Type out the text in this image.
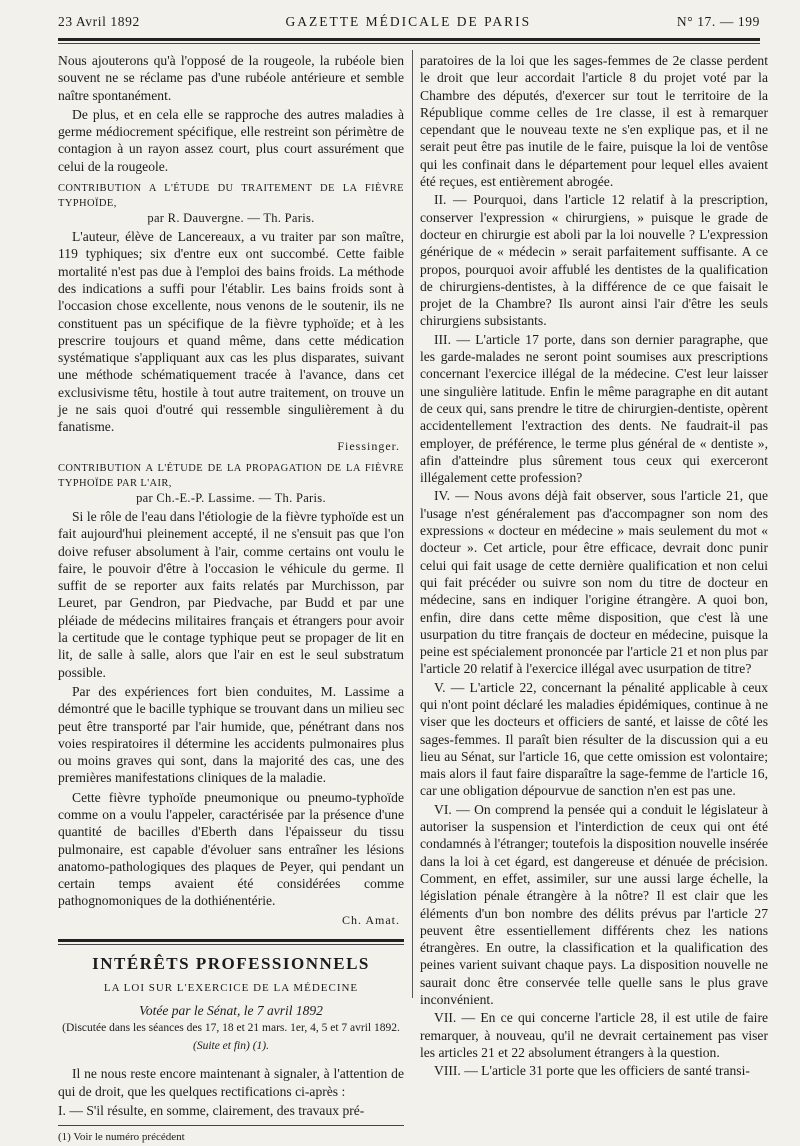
23 Avril 1892	GAZETTE MÉDICALE DE PARIS	N° 17. — 199

Nous ajouterons qu'à l'opposé de la rougeole, la rubéole bien souvent ne se réclame pas d'une rubéole antérieure et semble naître spontanément.

De plus, et en cela elle se rapproche des autres maladies à germe médiocrement spécifique, elle restreint son périmètre de contagion à un rayon assez court, plus court assurément que celui de la rougeole.

CONTRIBUTION A L'ÉTUDE DU TRAITEMENT DE LA FIÈVRE TYPHOÏDE,
par R. Dauvergne. — Th. Paris.

L'auteur, élève de Lancereaux, a vu traiter par son maître, 119 typhiques; six d'entre eux ont succombé. Cette faible mortalité n'est pas due à l'emploi des bains froids. La méthode des indications a suffi pour l'établir. Les bains froids sont à l'occasion chose excellente, nous venons de le soutenir, ils ne constituent pas un spécifique de la fièvre typhoïde; et à les prescrire toujours et quand même, dans cette médication systématique s'appliquant aux cas les plus disparates, suivant une méthode schématiquement tracée à l'avance, dans cet exclusivisme têtu, hostile à tout autre traitement, on trouve un je ne sais quoi d'outré qui ressemble singulièrement à du fanatisme.

Fiessinger.

CONTRIBUTION A L'ÉTUDE DE LA PROPAGATION DE LA FIÈVRE TYPHOÏDE PAR L'AIR,
par Ch.-E.-P. Lassime. — Th. Paris.

Si le rôle de l'eau dans l'étiologie de la fièvre typhoïde est un fait aujourd'hui pleinement accepté, il ne s'ensuit pas que l'on doive refuser absolument à l'air, comme certains ont voulu le faire, le pouvoir d'être à l'occasion le véhicule du germe. Il suffit de se reporter aux faits relatés par Murchisson, par Leuret, par Gendron, par Piedvache, par Budd et par une pléiade de médecins militaires français et étrangers pour avoir la certitude que le contage typhique peut se propager de lit en lit, de salle à salle, alors que l'air en est le seul substratum possible.

Par des expériences fort bien conduites, M. Lassime a démontré que le bacille typhique se trouvant dans un milieu sec peut être transporté par l'air humide, que, pénétrant dans nos voies respiratoires il détermine les accidents pulmonaires plus ou moins graves qui sont, dans la majorité des cas, une des premières manifestations cliniques de la maladie.

Cette fièvre typhoïde pneumonique ou pneumo-typhoïde comme on a voulu l'appeler, caractérisée par la présence d'une quantité de bacilles d'Eberth dans l'épaisseur du tissu pulmonaire, est capable d'évoluer sans entraîner les lésions anatomo-pathologiques des plaques de Peyer, qui pendant un certain temps avaient été considérées comme pathognomoniques de la dothiénentérie.

Ch. Amat.

INTÉRÊTS PROFESSIONNELS
LA LOI SUR L'EXERCICE DE LA MÉDECINE
Votée par le Sénat, le 7 avril 1892
(Discutée dans les séances des 17, 18 et 21 mars. 1er, 4, 5 et 7 avril 1892.
(Suite et fin) (1).

Il ne nous reste encore maintenant à signaler, à l'attention de qui de droit, que les quelques rectifications ci-après :

I. — S'il résulte, en somme, clairement, des travaux pré-

(1) Voir le numéro précédent

paratoires de la loi que les sages-femmes de 2e classe perdent le droit que leur accordait l'article 8 du projet voté par la Chambre des députés, d'exercer sur tout le territoire de la République comme celles de 1re classe, il est à remarquer cependant que le nouveau texte ne s'en explique pas, et il ne serait peut être pas inutile de le faire, puisque la loi de ventôse qui les confinait dans le département pour lequel elles avaient été reçues, est entièrement abrogée.

II. — Pourquoi, dans l'article 12 relatif à la prescription, conserver l'expression « chirurgiens, » puisque le grade de docteur en chirurgie est aboli par la loi nouvelle ? L'expression générique de « médecin » serait parfaitement suffisante. A ce propos, pourquoi avoir affublé les dentistes de la qualification de chirurgiens-dentistes, à la différence de ce que faisait le projet de la Chambre? Ils auront ainsi l'air d'être les seuls chirurgiens subsistants.

III. — L'article 17 porte, dans son dernier paragraphe, que les garde-malades ne seront point soumises aux prescriptions concernant l'exercice illégal de la médecine. C'est leur laisser une singulière latitude. Enfin le même paragraphe en dit autant de ceux qui, sans prendre le titre de chirurgien-dentiste, opèrent accidentellement l'extraction des dents. Ne faudrait-il pas employer, de préférence, le terme plus général de « dentiste », afin d'atteindre plus sûrement tous ceux qui exerceront illégalement cette profession?

IV. — Nous avons déjà fait observer, sous l'article 21, que l'usage n'est généralement pas d'accompagner son nom des expressions « docteur en médecine » mais seulement du mot « docteur ». Cet article, pour être efficace, devrait donc punir celui qui fait usage de cette dernière qualification et non celui qui fait précéder ou suivre son nom du titre de docteur en médecine, sans en indiquer l'origine étrangère. A quoi bon, enfin, dire dans cette même disposition, que c'est là une usurpation du titre français de docteur en médecine, puisque la peine est spécialement prononcée par l'article 21 et non plus par l'article 20 relatif à l'exercice illégal avec usurpation de titre?

V. — L'article 22, concernant la pénalité applicable à ceux qui n'ont point déclaré les maladies épidémiques, continue à ne viser que les docteurs et officiers de santé, et laisse de côté les sages-femmes. Il paraît bien résulter de la discussion qui a eu lieu au Sénat, sur l'article 16, que cette omission est volontaire; mais alors il faut faire disparaître la sage-femme de l'article 16, car une obligation dépourvue de sanction n'en est pas une.

VI. — On comprend la pensée qui a conduit le législateur à autoriser la suspension et l'interdiction de ceux qui ont été condamnés à l'étranger; toutefois la disposition nouvelle insérée dans la loi à cet égard, est dangereuse et dénuée de précision. Comment, en effet, assimiler, sur une aussi large échelle, la législation pénale étrangère à la nôtre? Il est clair que les éléments d'un bon nombre des délits prévus par l'article 27 peuvent être essentiellement différents chez les nations étrangères. En outre, la classification et la qualification des peines varient suivant chaque pays. La disposition nouvelle ne saurait donc être conservée telle quelle sans le plus grave inconvénient.

VII. — En ce qui concerne l'article 28, il est utile de faire remarquer, à nouveau, qu'il ne devrait certainement pas viser les articles 21 et 22 absolument étrangers à la question.

VIII. — L'article 31 porte que les officiers de santé transi-
